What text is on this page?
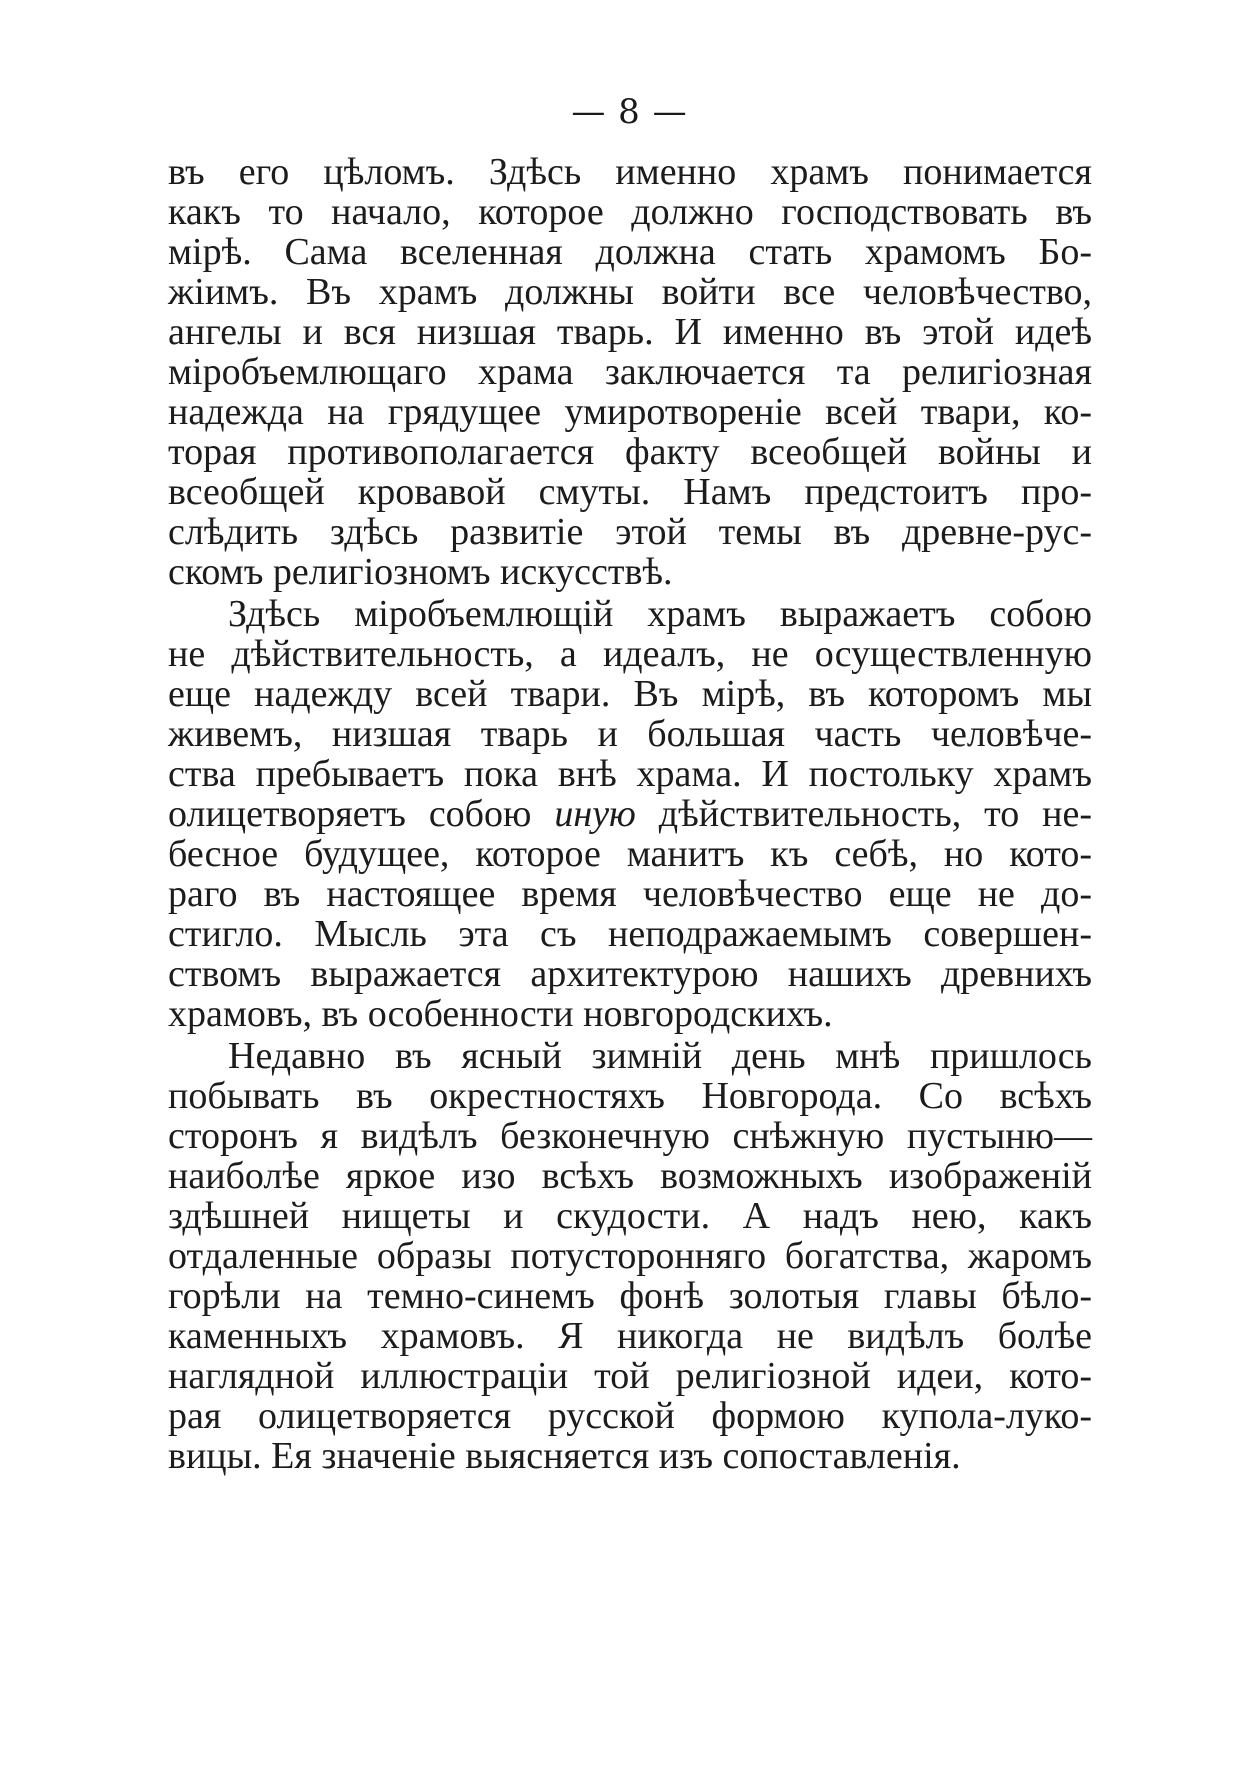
— 8 —
въ его цѣломъ. Здѣсь именно храмъ понимается
какъ то начало, которое должно господствовать въ
мірѣ. Сама вселенная должна стать храмомъ Бо-
жіимъ. Въ храмъ должны войти все человѣчество,
ангелы и вся низшая тварь. И именно въ этой идеѣ
міробъемлющаго храма заключается та религіозная
надежда на грядущее умиротвореніе всей твари, ко-
торая противополагается факту всеобщей войны и
всеобщей кровавой смуты. Намъ предстоитъ про-
слѣдить здѣсь развитіе этой темы въ древне-рус-
скомъ религіозномъ искусствѣ.
Здѣсь міробъемлющій храмъ выражаетъ собою
не дѣйствительность, а идеалъ, не осуществленную
еще надежду всей твари. Въ мірѣ, въ которомъ мы
живемъ, низшая тварь и большая часть человѣче-
ства пребываетъ пока внѣ храма. И постольку храмъ
олицетворяетъ собою иную дѣйствительность, то не-
бесное будущее, которое манитъ къ себѣ, но кото-
раго въ настоящее время человѣчество еще не до-
стигло. Мысль эта съ неподражаемымъ совершен-
ствомъ выражается архитектурою нашихъ древнихъ
храмовъ, въ особенности новгородскихъ.
Недавно въ ясный зимній день мнѣ пришлось
побывать въ окрестностяхъ Новгорода. Со всѣхъ
сторонъ я видѣлъ безконечную снѣжную пустыню—
наиболѣе яркое изо всѣхъ возможныхъ изображеній
здѣшней нищеты и скудости. А надъ нею, какъ
отдаленные образы потусторонняго богатства, жаромъ
горѣли на темно-синемъ фонѣ золотыя главы бѣло-
каменныхъ храмовъ. Я никогда не видѣлъ болѣе
наглядной иллюстраціи той религіозной идеи, кото-
рая олицетворяется русской формою купола-луко-
вицы. Ея значеніе выясняется изъ сопоставленія.
